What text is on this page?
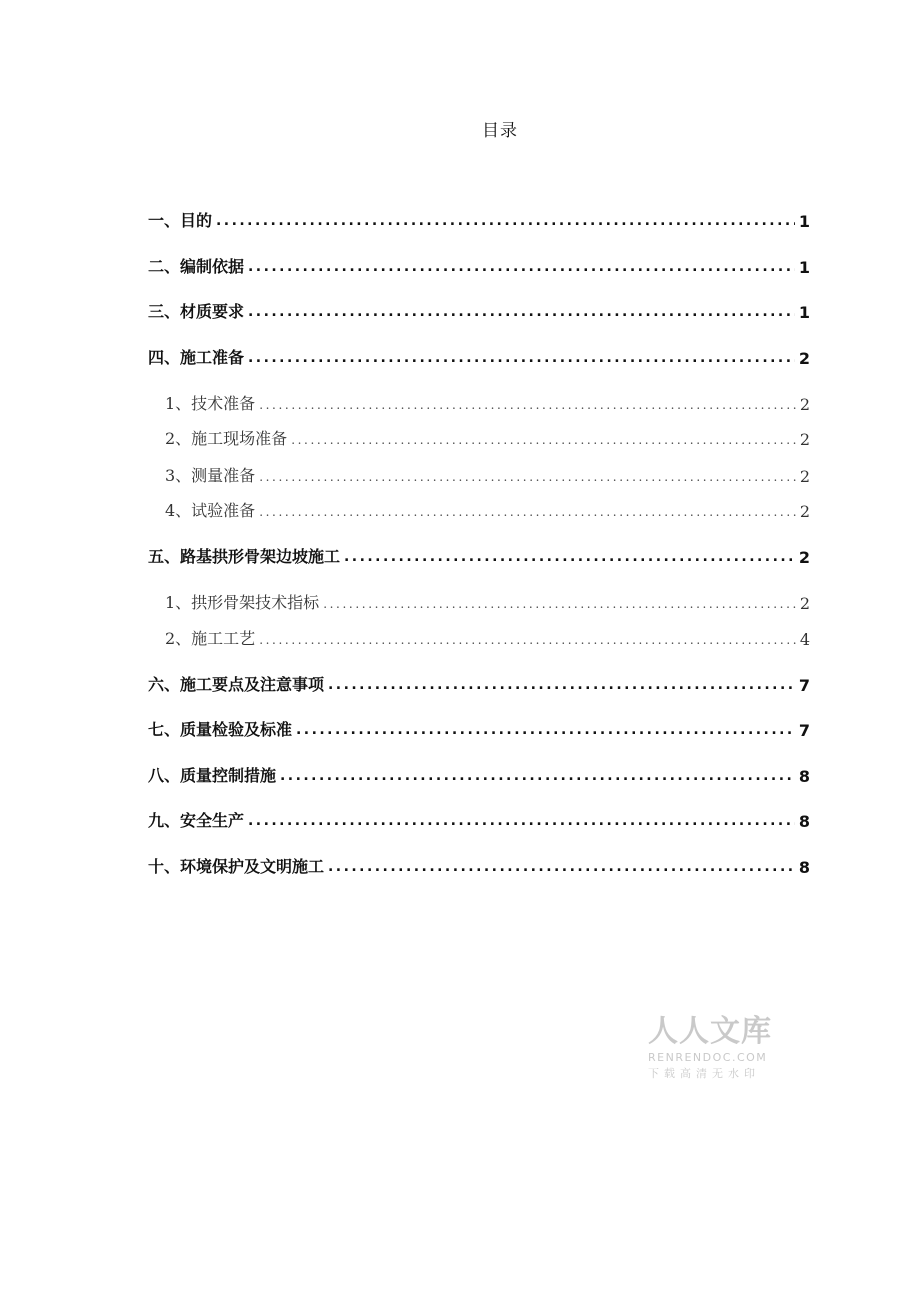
目录
一、目的 . . .	1
二、编制依据 . . .	1
三、材质要求 . . .	1
四、施工准备 . . .	2
1、技术准备 . . .	2
2、施工现场准备 . . .	2
3、测量准备 . . .	2
4、试验准备 . . .	2
五、路基拱形骨架边坡施工 . . .	2
1、拱形骨架技术指标 . . .	2
2、施工工艺 . . .	4
六、施工要点及注意事项 . . .	7
七、质量检验及标准 . . .	7
八、质量控制措施 . . .	8
九、安全生产 . . .	8
十、环境保护及文明施工 . . .	8
人人文库
RENRENDOC.COM
下载高清无水印
